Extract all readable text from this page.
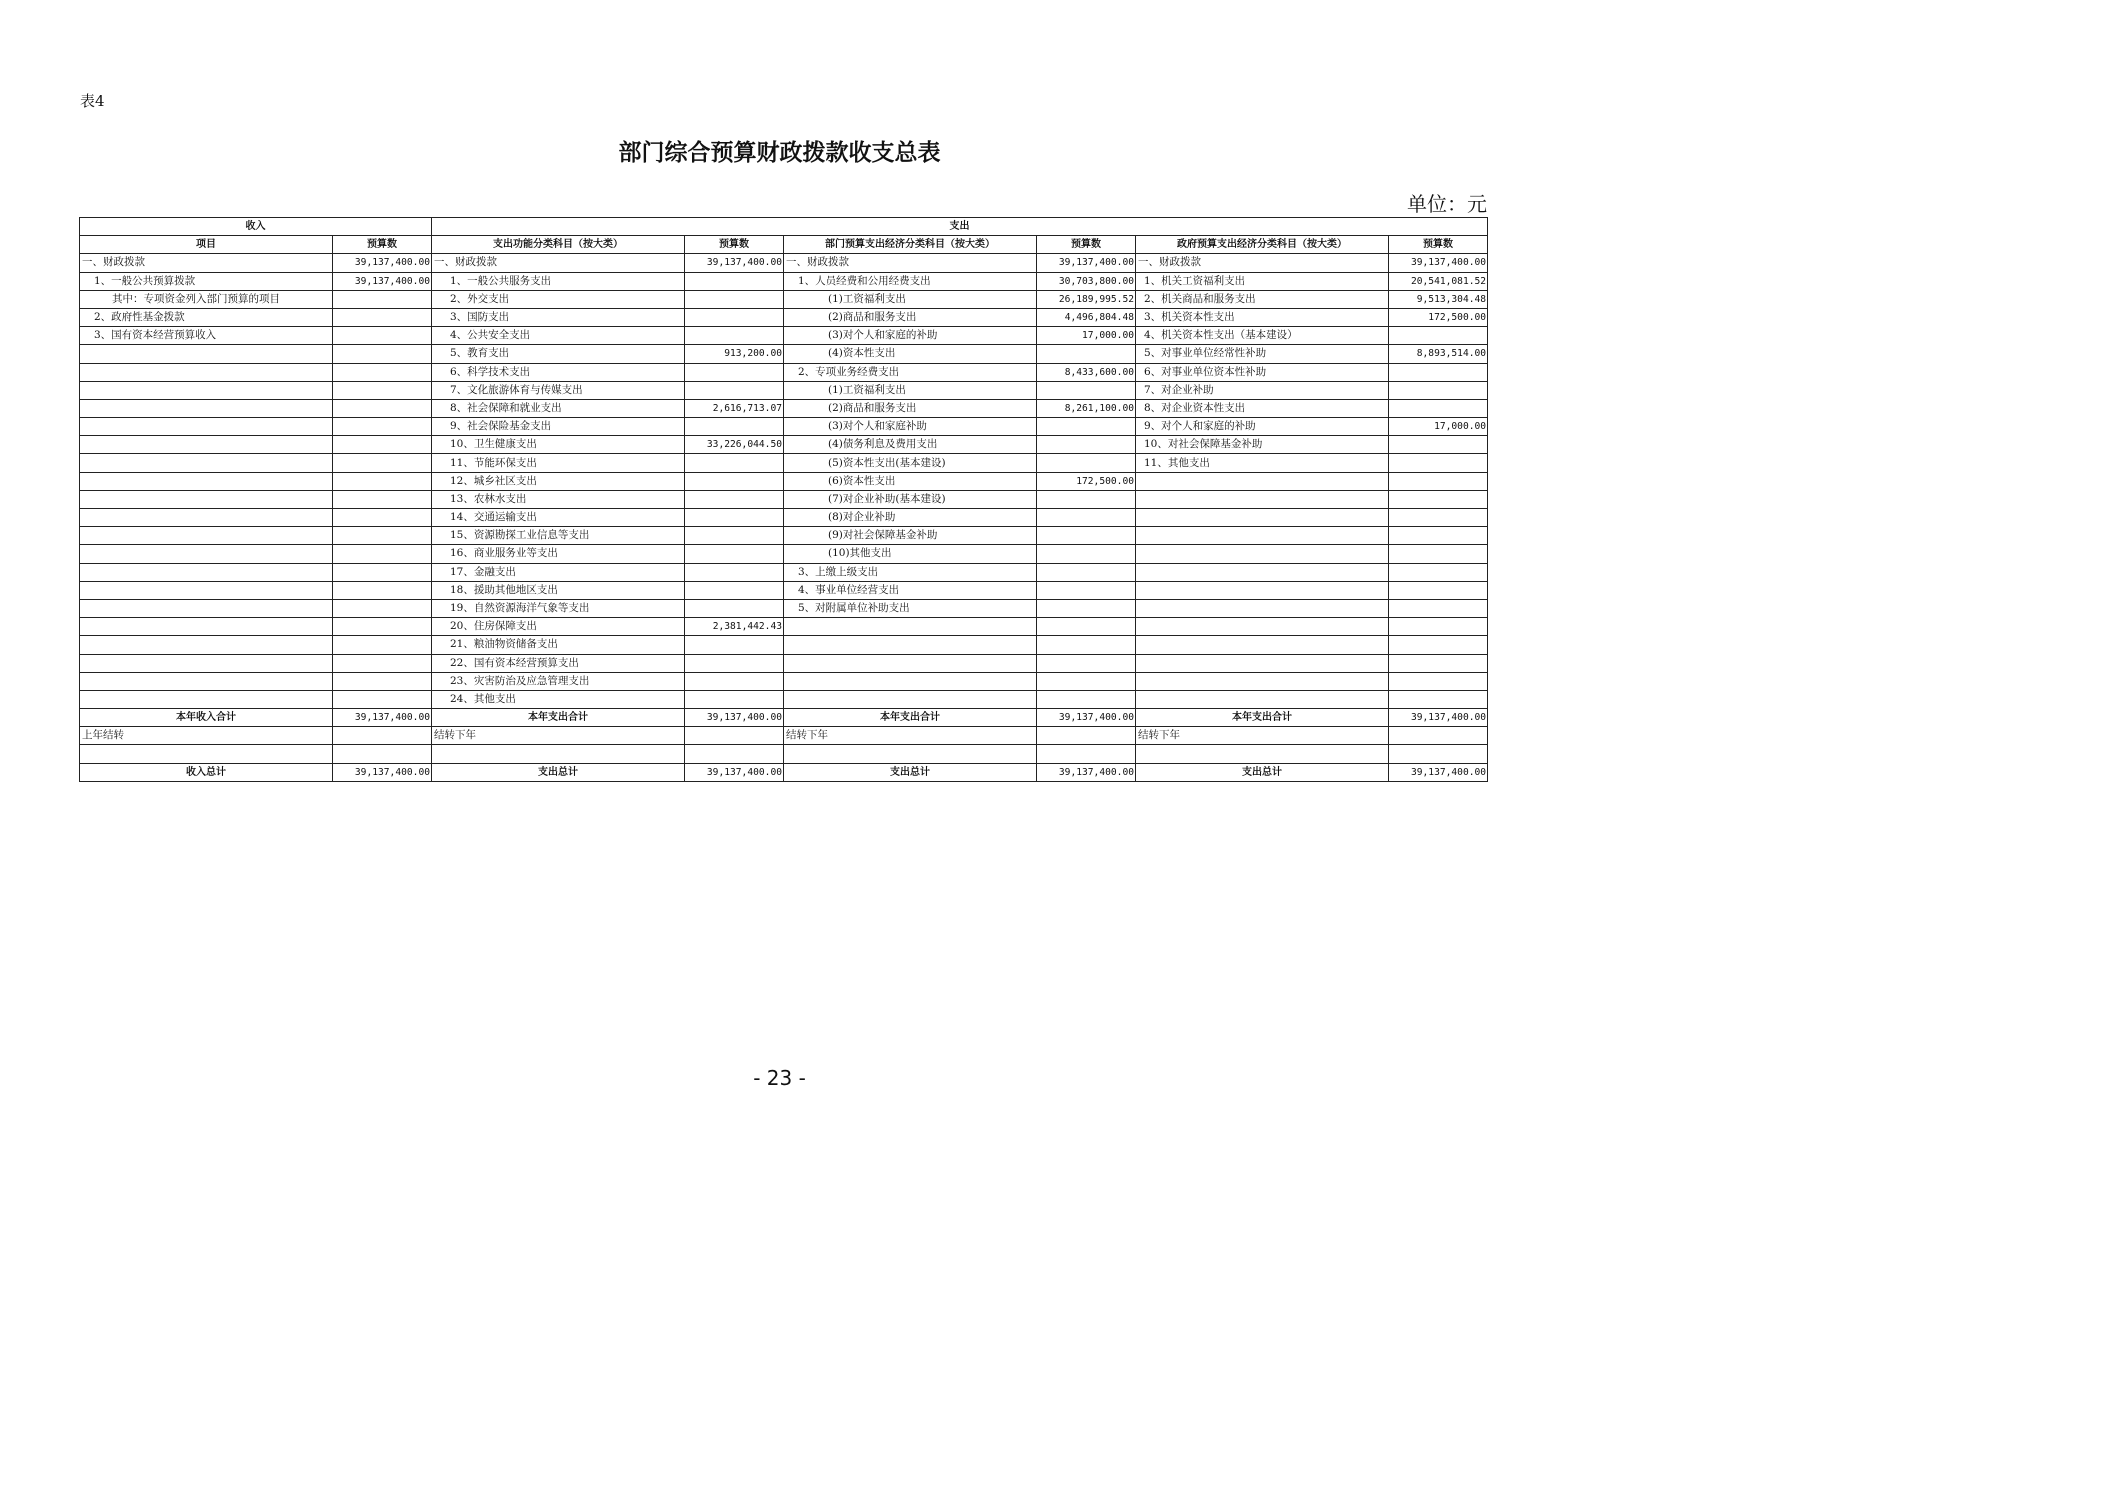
表4
部门综合预算财政拨款收支总表
单位：元
收入		支出					
项目	预算数	支出功能分类科目（按大类）	预算数	部门预算支出经济分类科目（按大类）	预算数	政府预算支出经济分类科目（按大类）	预算数
一、财政拨款	39,137,400.00	一、财政拨款	39,137,400.00	一、财政拨款	39,137,400.00	一、财政拨款	39,137,400.00
1、一般公共预算拨款	39,137,400.00	1、一般公共服务支出		1、人员经费和公用经费支出	30,703,800.00	1、机关工资福利支出	20,541,081.52
其中：专项资金列入部门预算的项目		2、外交支出		(1)工资福利支出	26,189,995.52	2、机关商品和服务支出	9,513,304.48
2、政府性基金拨款		3、国防支出		(2)商品和服务支出	4,496,804.48	3、机关资本性支出	172,500.00
3、国有资本经营预算收入		4、公共安全支出		(3)对个人和家庭的补助	17,000.00	4、机关资本性支出（基本建设）	
		5、教育支出	913,200.00	(4)资本性支出		5、对事业单位经常性补助	8,893,514.00
		6、科学技术支出		2、专项业务经费支出	8,433,600.00	6、对事业单位资本性补助	
		7、文化旅游体育与传媒支出		(1)工资福利支出		7、对企业补助	
		8、社会保障和就业支出	2,616,713.07	(2)商品和服务支出	8,261,100.00	8、对企业资本性支出	
		9、社会保险基金支出		(3)对个人和家庭补助		9、对个人和家庭的补助	17,000.00
		10、卫生健康支出	33,226,044.50	(4)债务利息及费用支出		10、对社会保障基金补助	
		11、节能环保支出		(5)资本性支出(基本建设)		11、其他支出	
		12、城乡社区支出		(6)资本性支出	172,500.00		
		13、农林水支出		(7)对企业补助(基本建设)			
		14、交通运输支出		(8)对企业补助			
		15、资源勘探工业信息等支出		(9)对社会保障基金补助			
		16、商业服务业等支出		(10)其他支出			
		17、金融支出		3、上缴上级支出			
		18、援助其他地区支出		4、事业单位经营支出			
		19、自然资源海洋气象等支出		5、对附属单位补助支出			
		20、住房保障支出	2,381,442.43				
		21、粮油物资储备支出					
		22、国有资本经营预算支出					
		23、灾害防治及应急管理支出					
		24、其他支出					
本年收入合计	39,137,400.00	本年支出合计	39,137,400.00	本年支出合计	39,137,400.00	本年支出合计	39,137,400.00
上年结转		结转下年		结转下年		结转下年	

收入总计	39,137,400.00	支出总计	39,137,400.00	支出总计	39,137,400.00	支出总计	39,137,400.00
- 23 -
